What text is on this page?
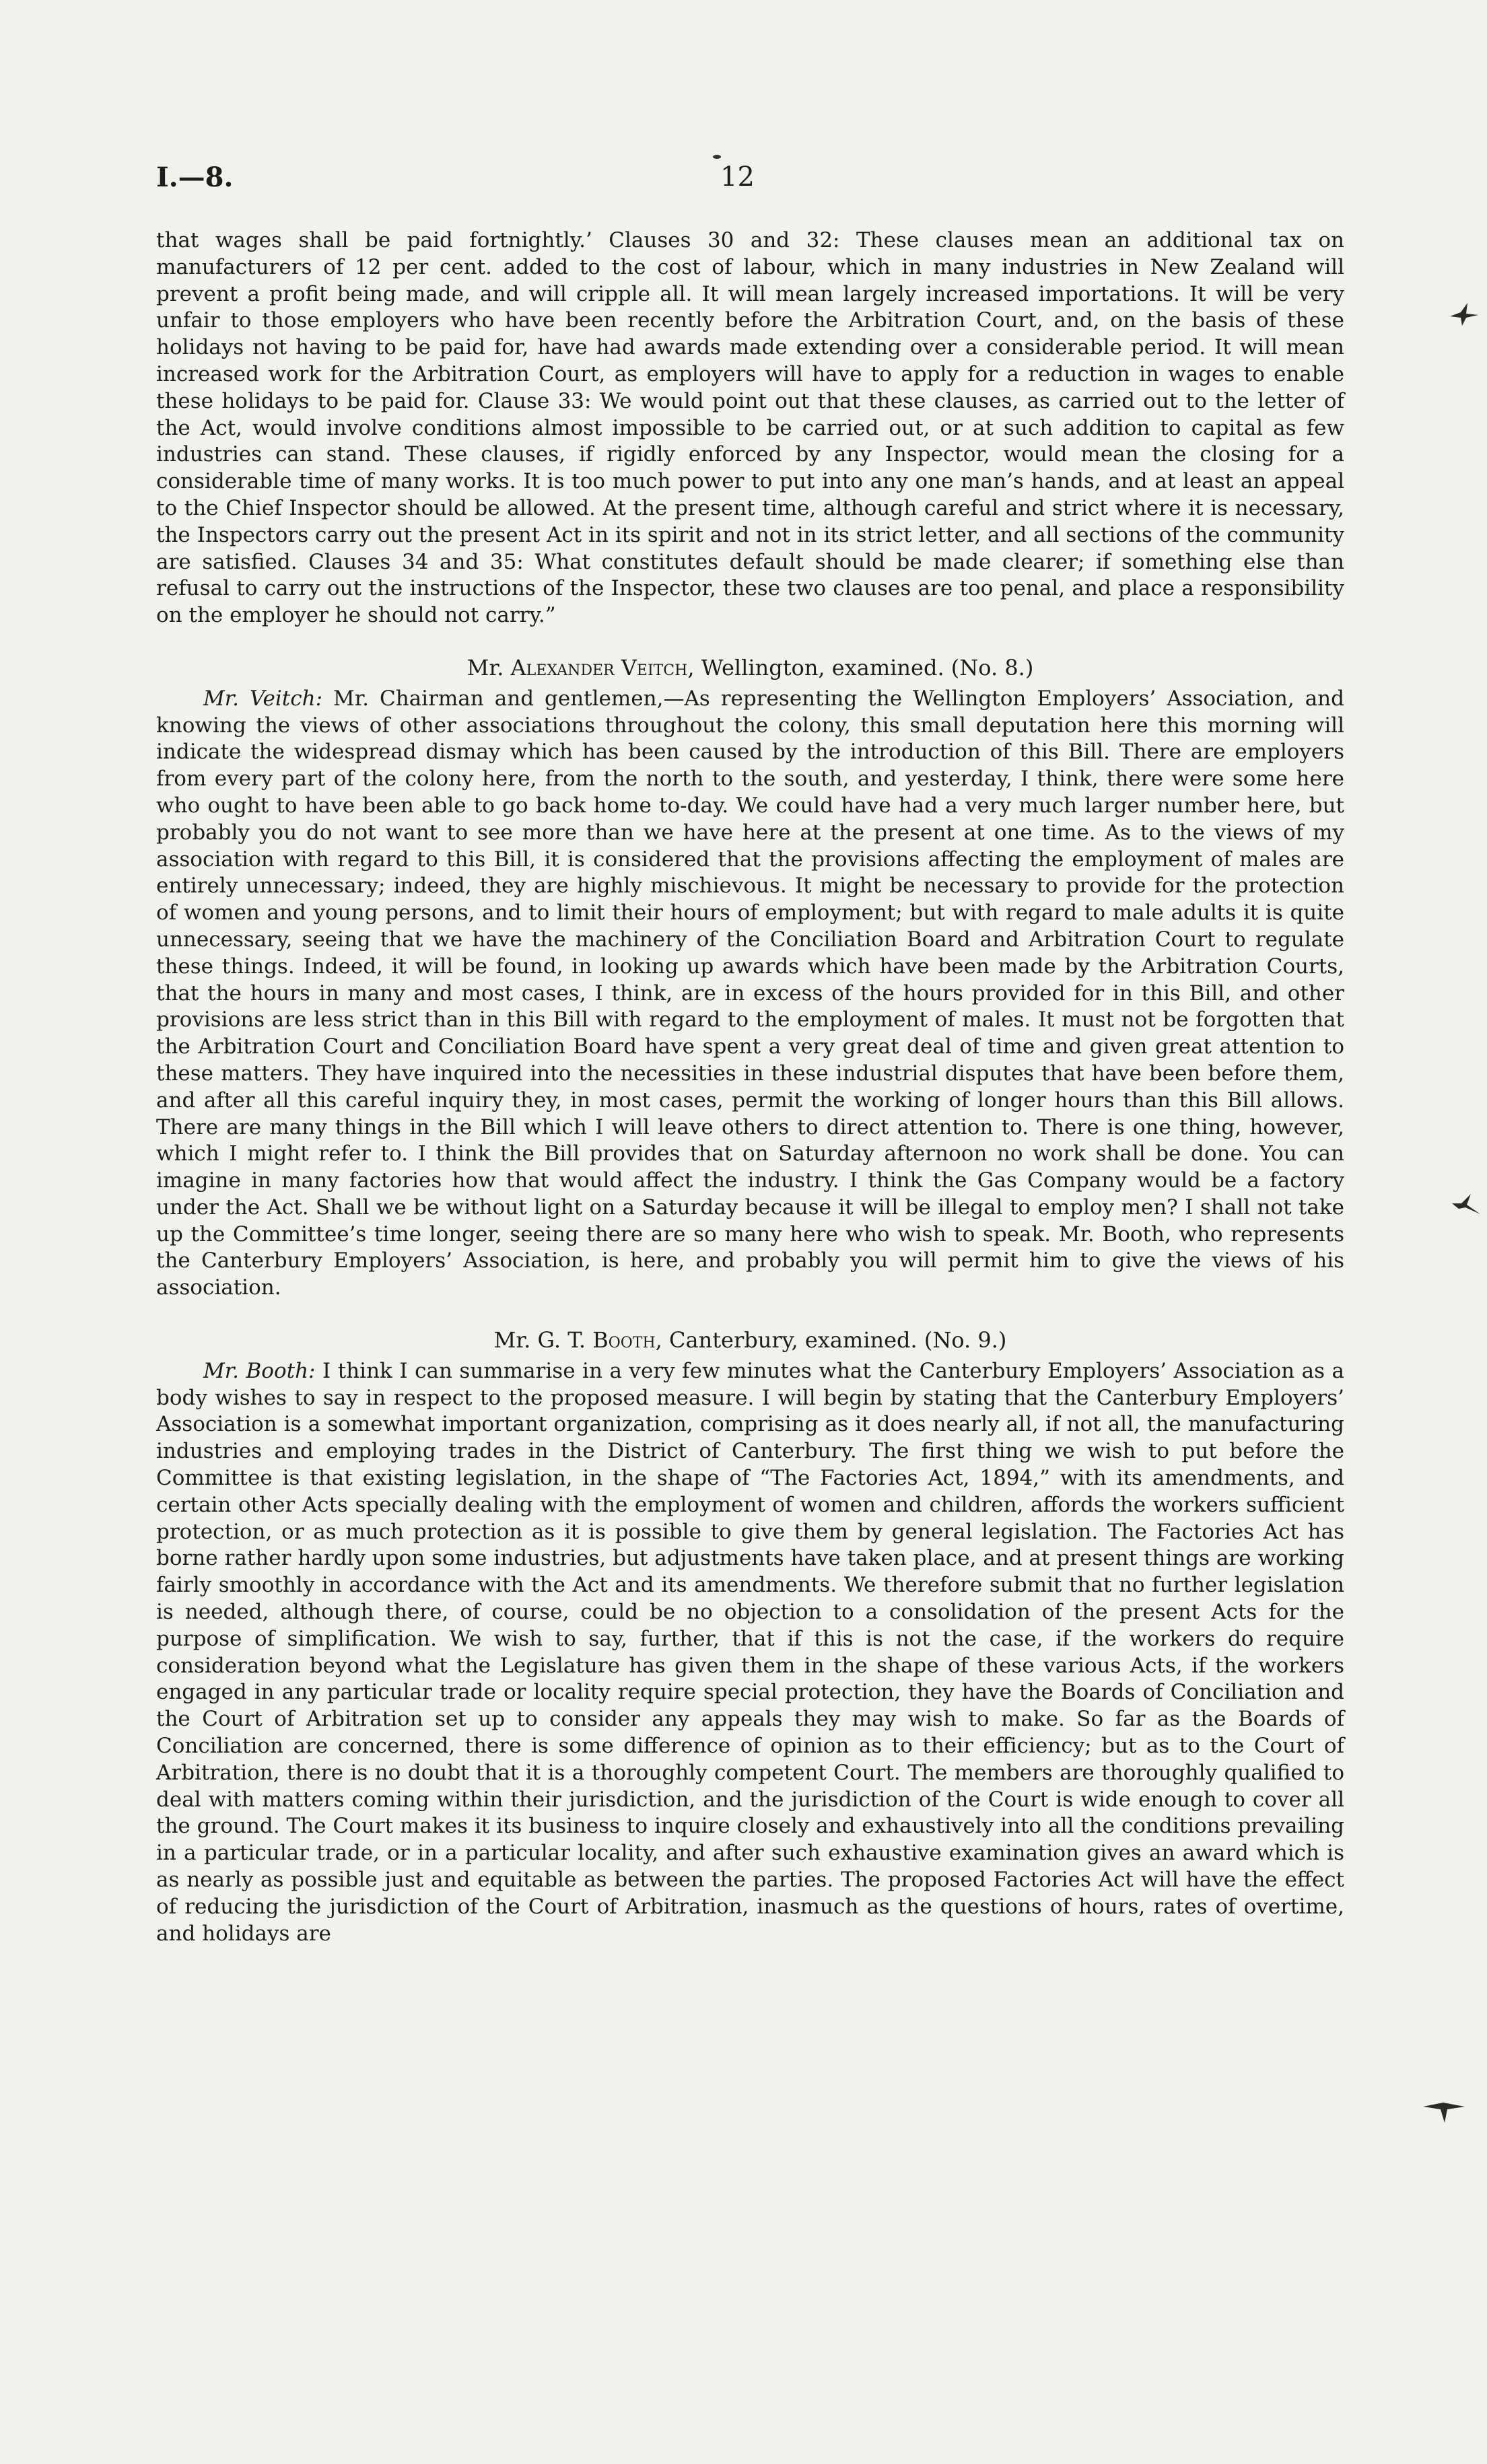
I.—8.	12

that wages shall be paid fortnightly.’ Clauses 30 and 32: These clauses mean an additional tax on manufacturers of 12 per cent. added to the cost of labour, which in many industries in New Zealand will prevent a profit being made, and will cripple all. It will mean largely increased importations. It will be very unfair to those employers who have been recently before the Arbitration Court, and, on the basis of these holidays not having to be paid for, have had awards made extending over a considerable period. It will mean increased work for the Arbitration Court, as employers will have to apply for a reduction in wages to enable these holidays to be paid for. Clause 33: We would point out that these clauses, as carried out to the letter of the Act, would involve conditions almost impossible to be carried out, or at such addition to capital as few industries can stand. These clauses, if rigidly enforced by any Inspector, would mean the closing for a considerable time of many works. It is too much power to put into any one man’s hands, and at least an appeal to the Chief Inspector should be allowed. At the present time, although careful and strict where it is necessary, the Inspectors carry out the present Act in its spirit and not in its strict letter, and all sections of the community are satisfied. Clauses 34 and 35: What constitutes default should be made clearer; if something else than refusal to carry out the instructions of the Inspector, these two clauses are too penal, and place a responsibility on the employer he should not carry.”

Mr. Alexander Veitch, Wellington, examined. (No. 8.)

Mr. Veitch: Mr. Chairman and gentlemen,—As representing the Wellington Employers’ Association, and knowing the views of other associations throughout the colony, this small deputation here this morning will indicate the widespread dismay which has been caused by the introduction of this Bill. There are employers from every part of the colony here, from the north to the south, and yesterday, I think, there were some here who ought to have been able to go back home to-day. We could have had a very much larger number here, but probably you do not want to see more than we have here at the present at one time. As to the views of my association with regard to this Bill, it is considered that the provisions affecting the employment of males are entirely unnecessary; indeed, they are highly mischievous. It might be necessary to provide for the protection of women and young persons, and to limit their hours of employment; but with regard to male adults it is quite unnecessary, seeing that we have the machinery of the Conciliation Board and Arbitration Court to regulate these things. Indeed, it will be found, in looking up awards which have been made by the Arbitration Courts, that the hours in many and most cases, I think, are in excess of the hours provided for in this Bill, and other provisions are less strict than in this Bill with regard to the employment of males. It must not be forgotten that the Arbitration Court and Conciliation Board have spent a very great deal of time and given great attention to these matters. They have inquired into the necessities in these industrial disputes that have been before them, and after all this careful inquiry they, in most cases, permit the working of longer hours than this Bill allows. There are many things in the Bill which I will leave others to direct attention to. There is one thing, however, which I might refer to. I think the Bill provides that on Saturday afternoon no work shall be done. You can imagine in many factories how that would affect the industry. I think the Gas Company would be a factory under the Act. Shall we be without light on a Saturday because it will be illegal to employ men? I shall not take up the Committee’s time longer, seeing there are so many here who wish to speak. Mr. Booth, who represents the Canterbury Employers’ Association, is here, and probably you will permit him to give the views of his association.

Mr. G. T. Booth, Canterbury, examined. (No. 9.)

Mr. Booth: I think I can summarise in a very few minutes what the Canterbury Employers’ Association as a body wishes to say in respect to the proposed measure. I will begin by stating that the Canterbury Employers’ Association is a somewhat important organization, comprising as it does nearly all, if not all, the manufacturing industries and employing trades in the District of Canterbury. The first thing we wish to put before the Committee is that existing legislation, in the shape of “The Factories Act, 1894,” with its amendments, and certain other Acts specially dealing with the employment of women and children, affords the workers sufficient protection, or as much protection as it is possible to give them by general legislation. The Factories Act has borne rather hardly upon some industries, but adjustments have taken place, and at present things are working fairly smoothly in accordance with the Act and its amendments. We therefore submit that no further legislation is needed, although there, of course, could be no objection to a consolidation of the present Acts for the purpose of simplification. We wish to say, further, that if this is not the case, if the workers do require consideration beyond what the Legislature has given them in the shape of these various Acts, if the workers engaged in any particular trade or locality require special protection, they have the Boards of Conciliation and the Court of Arbitration set up to consider any appeals they may wish to make. So far as the Boards of Conciliation are concerned, there is some difference of opinion as to their efficiency; but as to the Court of Arbitration, there is no doubt that it is a thoroughly competent Court. The members are thoroughly qualified to deal with matters coming within their jurisdiction, and the jurisdiction of the Court is wide enough to cover all the ground. The Court makes it its business to inquire closely and exhaustively into all the conditions prevailing in a particular trade, or in a particular locality, and after such exhaustive examination gives an award which is as nearly as possible just and equitable as between the parties. The proposed Factories Act will have the effect of reducing the jurisdiction of the Court of Arbitration, inasmuch as the questions of hours, rates of overtime, and holidays are
